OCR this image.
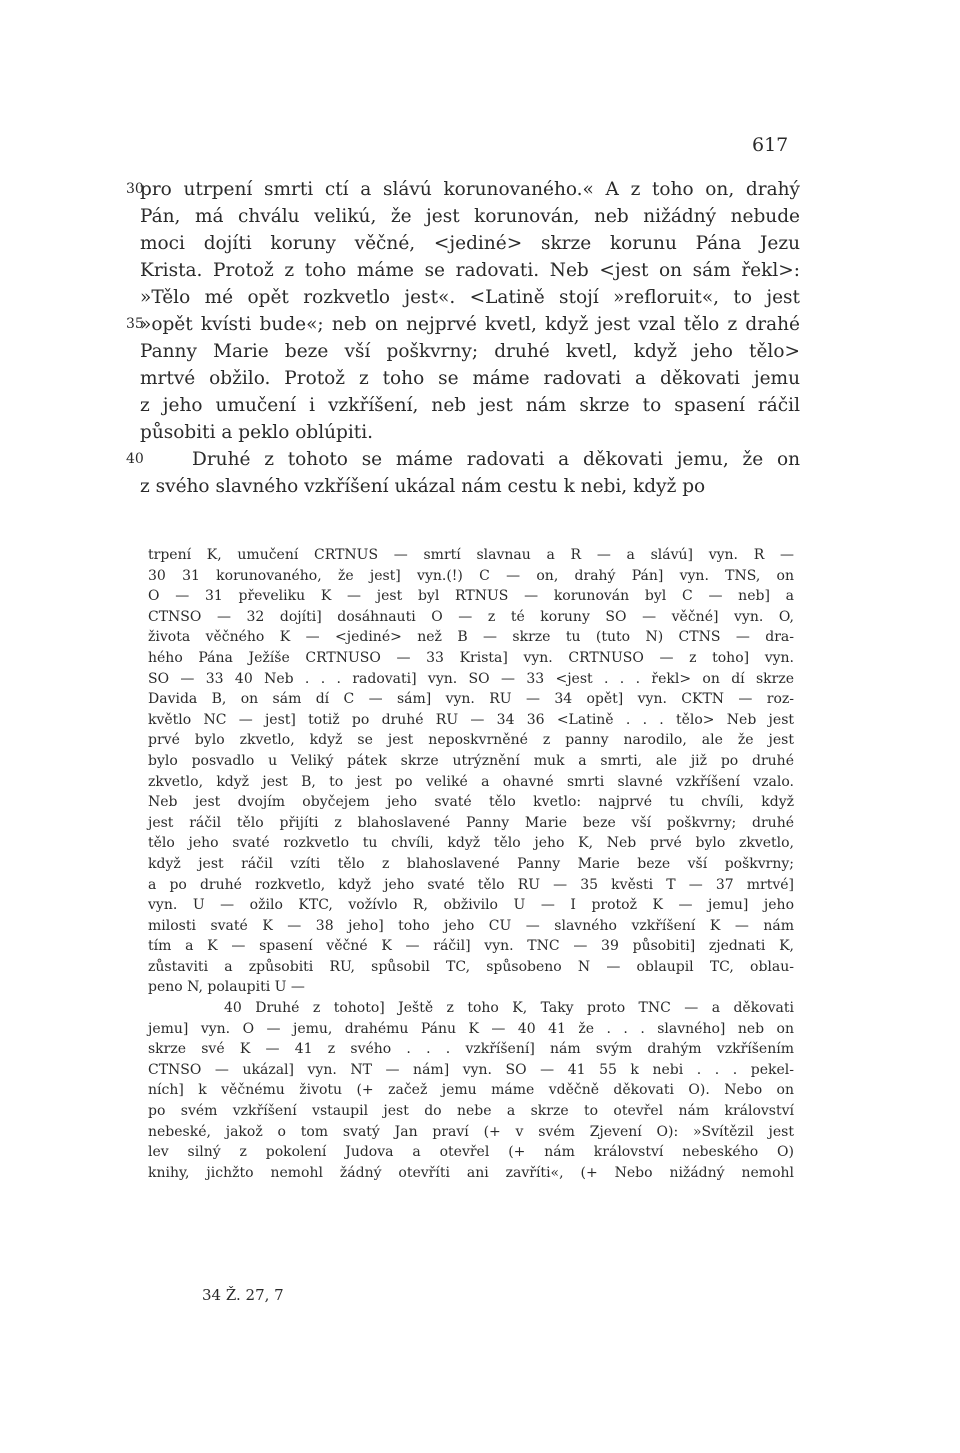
617
30
pro utrpení smrti ctí a slávú korunovaného.« A z toho on, drahý
Pán, má chválu velikú, že jest korunován, neb nižádný nebude
moci dojíti koruny věčné, <jediné> skrze korunu Pána Jezu
Krista. Protož z toho máme se radovati. Neb <jest on sám řekl>:
»Tělo mé opět rozkvetlo jest«. <Latině stojí »refloruit«, to jest
35
»opět kvísti bude«; neb on nejprvé kvetl, když jest vzal tělo z drahé
Panny Marie beze vší poškvrny; druhé kvetl, když jeho tělo>
mrtvé obžilo. Protož z toho se máme radovati a děkovati jemu
z jeho umučení i vzkříšení, neb jest nám skrze to spasení ráčil
působiti a peklo oblúpiti.
40	Druhé z tohoto se máme radovati a děkovati jemu, že on
z svého slavného vzkříšení ukázal nám cestu k nebi, když po
trpení K, umučení CRTNUS — smrtí slavnau a R — a slávú] vyn. R —
30 31 korunovaného, že jest] vyn.(!) C — on, drahý Pán] vyn. TNS, on
O — 31 převeliku K — jest byl RTNUS — korunován byl C — neb] a
CTNSO — 32 dojíti] dosáhnauti O — z té koruny SO — věčné] vyn. O,
života věčného K — <jediné> než B — skrze tu (tuto N) CTNS — dra-
hého Pána Ježíše CRTNUSO — 33 Krista] vyn. CRTNUSO — z toho] vyn.
SO — 33 40 Neb . . . radovati] vyn. SO — 33 <jest . . . řekl> on dí skrze
Davida B, on sám dí C — sám] vyn. RU — 34 opět] vyn. CKTN — roz-
květlo NC — jest] totiž po druhé RU — 34 36 <Latině . . . tělo> Neb jest
prvé bylo zkvetlo, když se jest neposkvrněné z panny narodilo, ale že jest
bylo posvadlo u Veliký pátek skrze utrýznění muk a smrti, ale již po druhé
zkvetlo, když jest B, to jest po veliké a ohavné smrti slavné vzkříšení vzalo.
Neb jest dvojím obyčejem jeho svaté tělo kvetlo: najprvé tu chvíli, když
jest ráčil tělo přijíti z blahoslavené Panny Marie beze vší poškvrny; druhé
tělo jeho svaté rozkvetlo tu chvíli, když tělo jeho K, Neb prvé bylo zkvetlo,
když jest ráčil vzíti tělo z blahoslavené Panny Marie beze vší poškvrny;
a po druhé rozkvetlo, když jeho svaté tělo RU — 35 kvěsti T — 37 mrtvé]
vyn. U — ožilo KTC, vožívlo R, obživilo U — I protož K — jemu] jeho
milosti svaté K — 38 jeho] toho jeho CU — slavného vzkříšení K — nám
tím a K — spasení věčné K — ráčil] vyn. TNC — 39 působiti] zjednati K,
zůstaviti a způsobiti RU, spůsobil TC, spůsobeno N — oblaupil TC, oblau-
peno N, polaupiti U —
40 Druhé z tohoto] Ještě z toho K, Taky proto TNC — a děkovati
jemu] vyn. O — jemu, drahému Pánu K — 40 41 že . . . slavného] neb on
skrze své K — 41 z svého . . . vzkříšení] nám svým drahým vzkříšením
CTNSO — ukázal] vyn. NT — nám] vyn. SO — 41 55 k nebi . . . pekel-
ních] k věčnému životu (+ začež jemu máme vděčně děkovati O). Nebo on
po svém vzkříšení vstaupil jest do nebe a skrze to otevřel nám království
nebeské, jakož o tom svatý Jan praví (+ v svém Zjevení O): »Svítězil jest
lev silný z pokolení Judova a otevřel (+ nám království nebeského O)
knihy, jichžto nemohl žádný otevříti ani zavříti«, (+ Nebo nižádný nemohl
34 Ž. 27, 7
